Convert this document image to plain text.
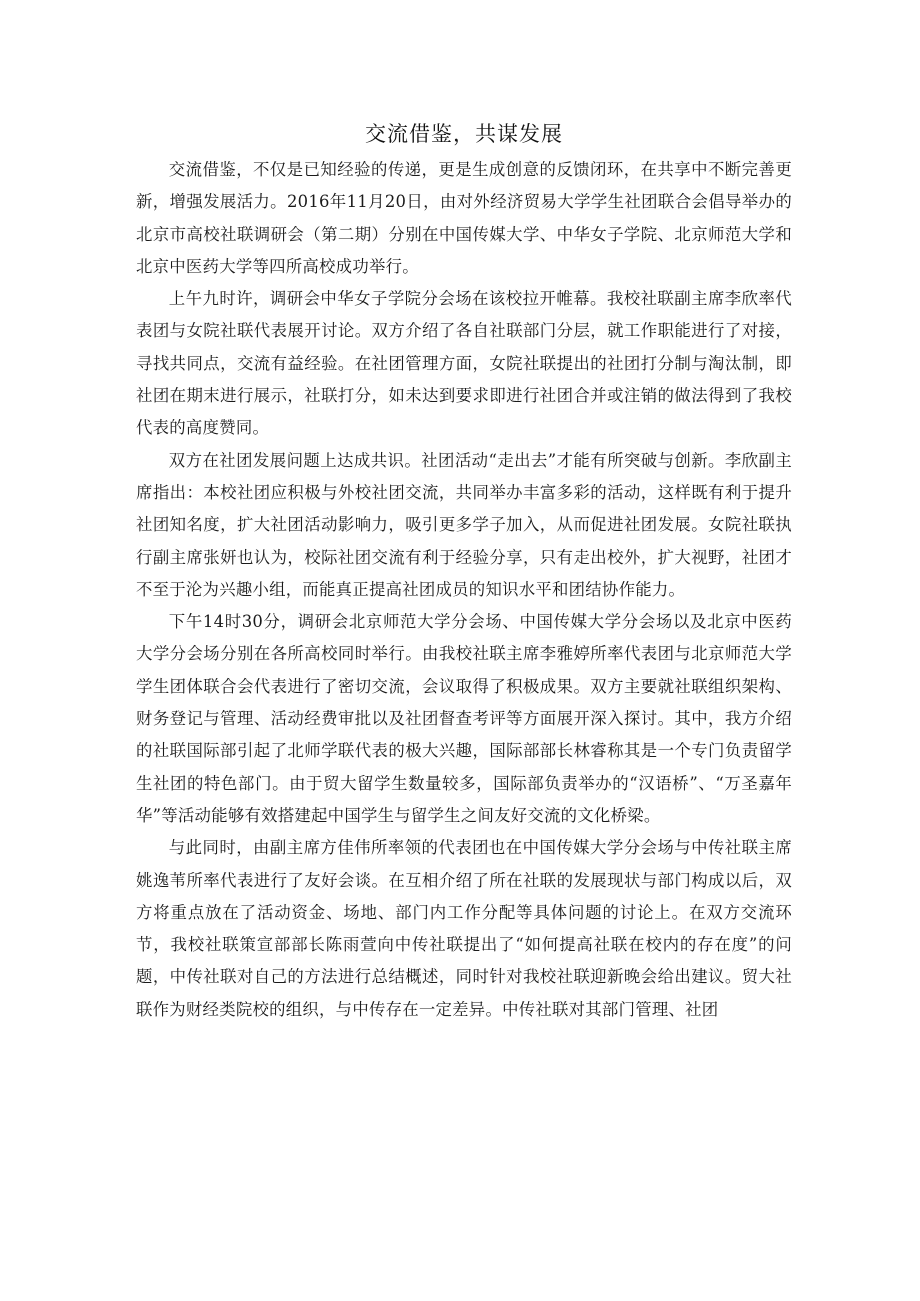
交流借鉴，共谋发展

交流借鉴，不仅是已知经验的传递，更是生成创意的反馈闭环，在共享中不断完善更新，增强发展活力。2016年11月20日，由对外经济贸易大学学生社团联合会倡导举办的北京市高校社联调研会（第二期）分别在中国传媒大学、中华女子学院、北京师范大学和北京中医药大学等四所高校成功举行。

上午九时许，调研会中华女子学院分会场在该校拉开帷幕。我校社联副主席李欣率代表团与女院社联代表展开讨论。双方介绍了各自社联部门分层，就工作职能进行了对接，寻找共同点，交流有益经验。在社团管理方面，女院社联提出的社团打分制与淘汰制，即社团在期末进行展示，社联打分，如未达到要求即进行社团合并或注销的做法得到了我校代表的高度赞同。

双方在社团发展问题上达成共识。社团活动“走出去”才能有所突破与创新。李欣副主席指出：本校社团应积极与外校社团交流，共同举办丰富多彩的活动，这样既有利于提升社团知名度，扩大社团活动影响力，吸引更多学子加入，从而促进社团发展。女院社联执行副主席张妍也认为，校际社团交流有利于经验分享，只有走出校外，扩大视野，社团才不至于沦为兴趣小组，而能真正提高社团成员的知识水平和团结协作能力。

下午14时30分，调研会北京师范大学分会场、中国传媒大学分会场以及北京中医药大学分会场分别在各所高校同时举行。由我校社联主席李雅婷所率代表团与北京师范大学学生团体联合会代表进行了密切交流，会议取得了积极成果。双方主要就社联组织架构、财务登记与管理、活动经费审批以及社团督查考评等方面展开深入探讨。其中，我方介绍的社联国际部引起了北师学联代表的极大兴趣，国际部部长林睿称其是一个专门负责留学生社团的特色部门。由于贸大留学生数量较多，国际部负责举办的“汉语桥”、“万圣嘉年华”等活动能够有效搭建起中国学生与留学生之间友好交流的文化桥梁。

与此同时，由副主席方佳伟所率领的代表团也在中国传媒大学分会场与中传社联主席姚逸苇所率代表进行了友好会谈。在互相介绍了所在社联的发展现状与部门构成以后，双方将重点放在了活动资金、场地、部门内工作分配等具体问题的讨论上。在双方交流环节，我校社联策宣部部长陈雨萱向中传社联提出了“如何提高社联在校内的存在度”的问题，中传社联对自己的方法进行总结概述，同时针对我校社联迎新晚会给出建议。贸大社联作为财经类院校的组织，与中传存在一定差异。中传社联对其部门管理、社团
